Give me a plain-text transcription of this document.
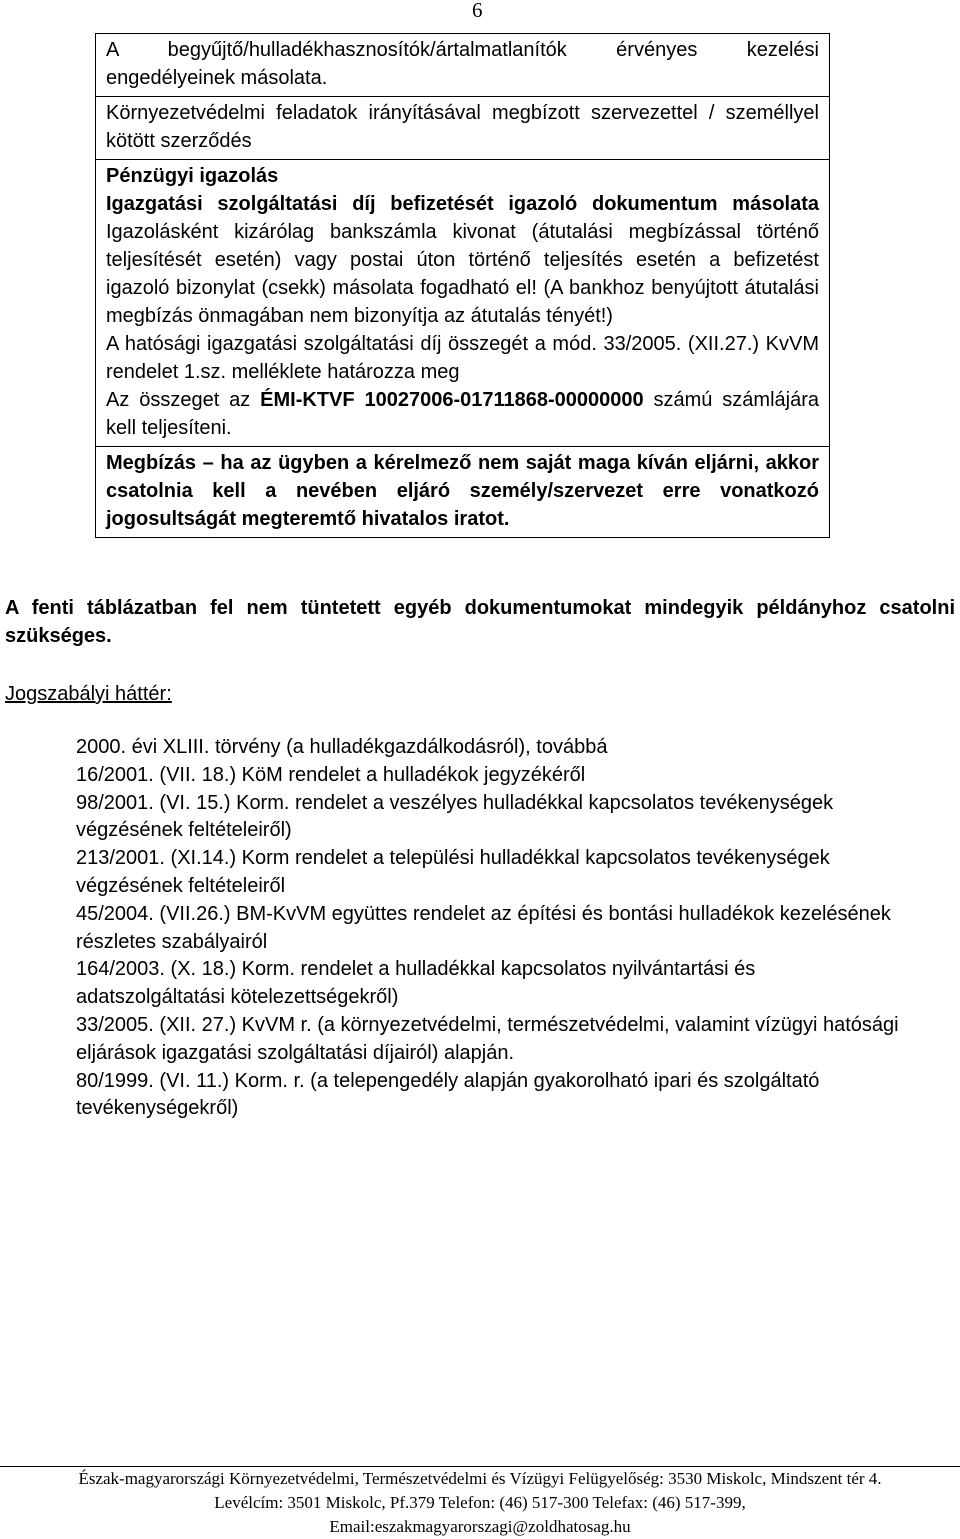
6
A begyűjtő/hulladékhasznosítók/ártalmatlanítók érvényes kezelési engedélyeinek másolata.
Környezetvédelmi feladatok irányításával megbízott szervezettel / személlyel kötött szerződés

Pénzügyi igazolás
Igazgatási szolgáltatási díj befizetését igazoló dokumentum másolata Igazolásként kizárólag bankszámla kivonat (átutalási megbízással történő teljesítését esetén) vagy postai úton történő teljesítés esetén a befizetést igazoló bizonylat (csekk) másolata fogadható el! (A bankhoz benyújtott átutalási megbízás önmagában nem bizonyítja az átutalás tényét!)
A hatósági igazgatási szolgáltatási díj összegét a mód. 33/2005. (XII.27.) KvVM rendelet 1.sz. melléklete határozza meg
Az összeget az ÉMI-KTVF 10027006-01711868-00000000 számú számlájára kell teljesíteni.

Megbízás – ha az ügyben a kérelmező nem saját maga kíván eljárni, akkor csatolnia kell a nevében eljáró személy/szervezet erre vonatkozó jogosultságát megteremtő hivatalos iratot.

A fenti táblázatban fel nem tüntetett egyéb dokumentumokat mindegyik példányhoz csatolni szükséges.

Jogszabályi háttér:

2000. évi XLIII. törvény (a hulladékgazdálkodásról), továbbá
16/2001. (VII. 18.) KöM rendelet a hulladékok jegyzékéről
98/2001. (VI. 15.) Korm. rendelet a veszélyes hulladékkal kapcsolatos tevékenységek végzésének feltételeiről)
213/2001. (XI.14.) Korm rendelet a települési hulladékkal kapcsolatos tevékenységek végzésének feltételeiről
45/2004. (VII.26.) BM-KvVM együttes rendelet az építési és bontási hulladékok kezelésének részletes szabályairól
164/2003. (X. 18.) Korm. rendelet a hulladékkal kapcsolatos nyilvántartási és adatszolgáltatási kötelezettségekről)
33/2005. (XII. 27.) KvVM r. (a környezetvédelmi, természetvédelmi, valamint vízügyi hatósági eljárások igazgatási szolgáltatási díjairól) alapján.
80/1999. (VI. 11.) Korm. r. (a telepengedély alapján gyakorolható ipari és szolgáltató tevékenységekről)
Észak-magyarországi Környezetvédelmi, Természetvédelmi és Vízügyi Felügyelőség: 3530 Miskolc, Mindszent tér 4.
Levélcím: 3501 Miskolc, Pf.379 Telefon: (46) 517-300 Telefax: (46) 517-399,
Email:eszakmagyarorszagi@zoldhatosag.hu
